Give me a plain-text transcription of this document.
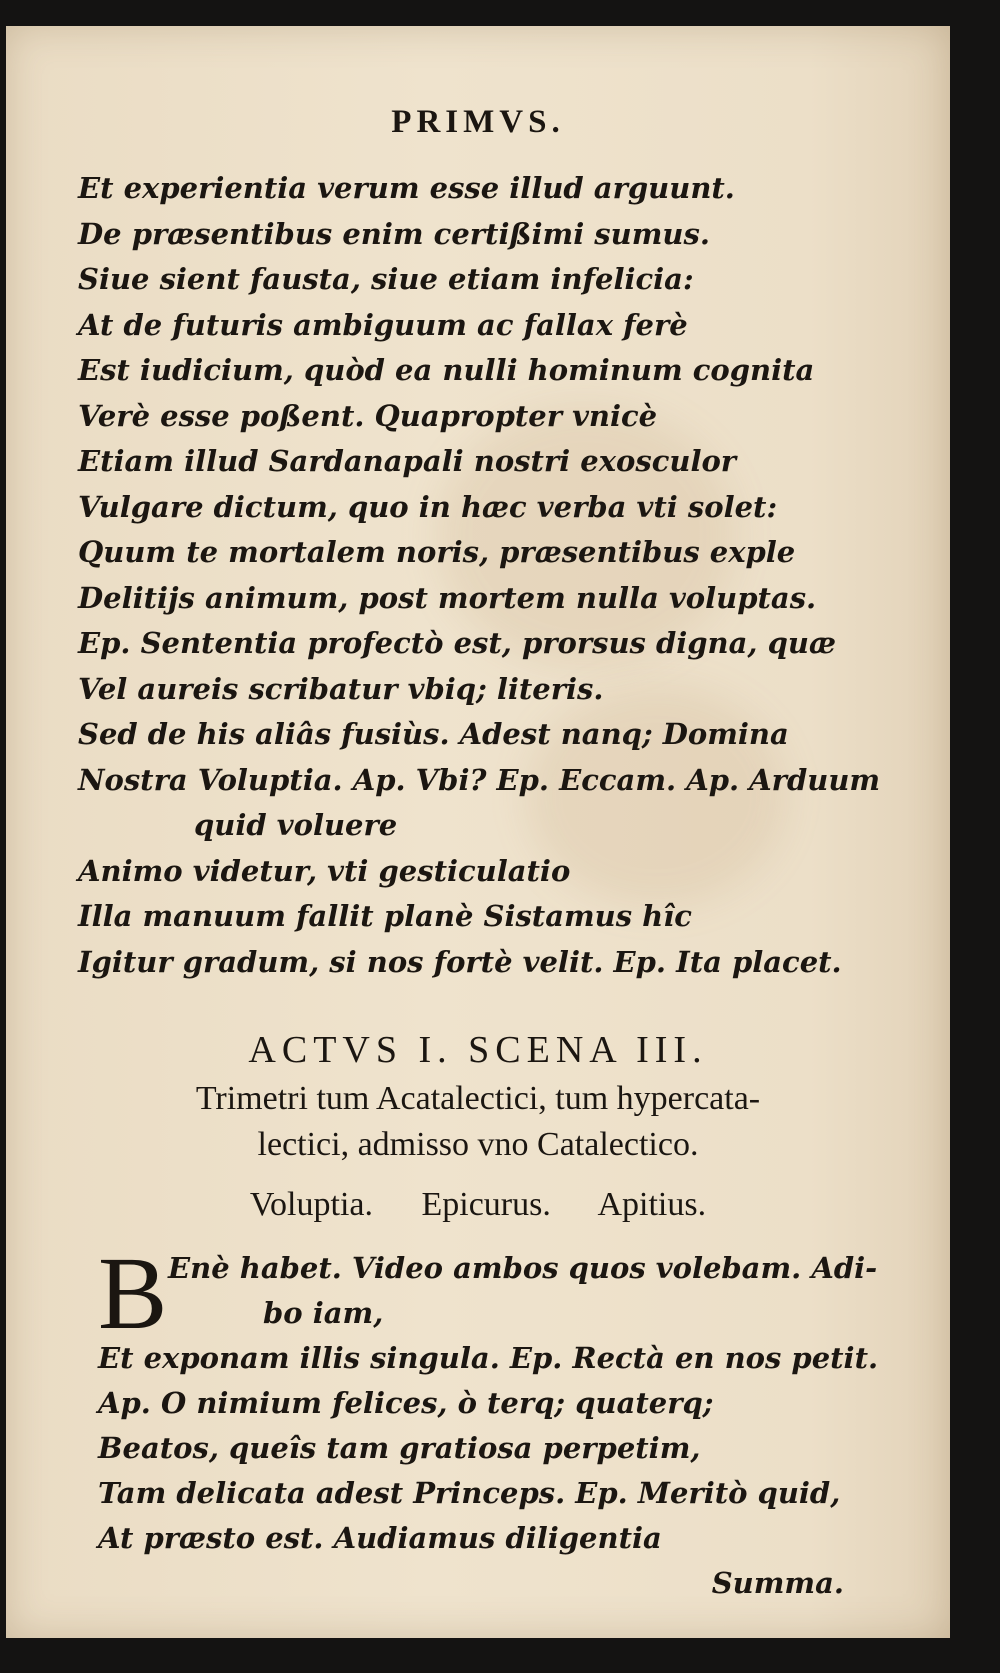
PRIMVS.
Et experientia verum esse illud arguunt.
De præsentibus enim certißimi sumus.
Siue sient fausta, siue etiam infelicia:
At de futuris ambiguum ac fallax ferè
Est iudicium, quòd ea nulli hominum cognita
Verè esse poßent. Quapropter vnicè
Etiam illud Sardanapali nostri exosculor
Vulgare dictum, quo in hæc verba vti solet:
Quum te mortalem noris, præsentibus exple
Delitijs animum, post mortem nulla voluptas.
Ep. Sententia profectò est, prorsus digna, quæ
Vel aureis scribatur vbiq; literis.
Sed de his aliâs fusiùs. Adest nanq; Domina
Nostra Voluptia. Ap. Vbi? Ep. Eccam. Ap. Arduum
quid voluere
Animo videtur, vti gesticulatio
Illa manuum fallit planè Sistamus hîc
Igitur gradum, si nos fortè velit. Ep. Ita placet.
ACTVS I. SCENA III.
Trimetri tum Acatalectici, tum hypercata-
lectici, admisso vno Catalectico.
Voluptia. Epicurus. Apitius.
B Enè habet. Video ambos quos volebam. Adi-
bo iam,
Et exponam illis singula. Ep. Rectà en nos petit.
Ap. O nimium felices, ò terq; quaterq;
Beatos, queîs tam gratiosa perpetim,
Tam delicata adest Princeps. Ep. Meritò quid,
At præsto est. Audiamus diligentia
Summa.
